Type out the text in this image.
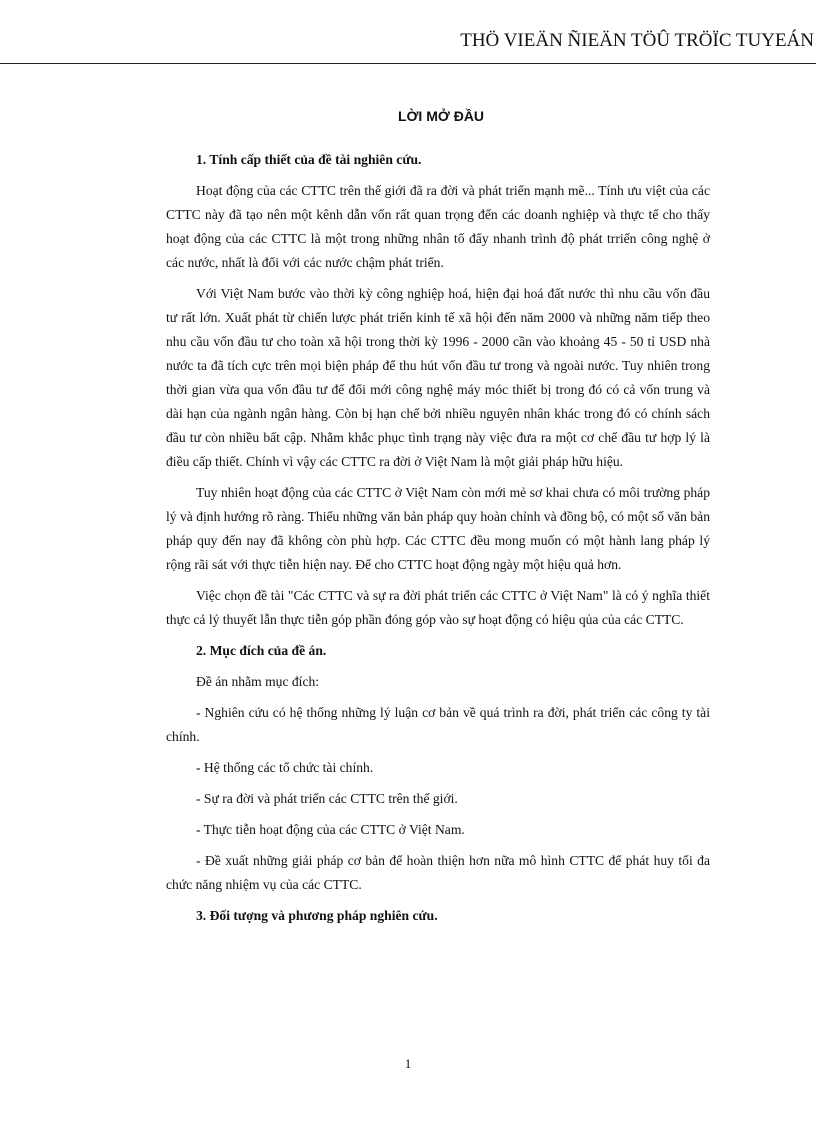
THÖ VIEÄN ÑIEÄN TÖÛ TRÖÏC TUYEÁN
LỜI MỞ ĐẦU
1. Tính cấp thiết của đề tài nghiên cứu.

Hoạt động của các CTTC trên thế giới đã ra đời và phát triển mạnh mẽ... Tính ưu việt của các CTTC này đã tạo nên một kênh dẫn vốn rất quan trọng đến các doanh nghiệp và thực tế cho thấy hoạt động của các CTTC là một trong những nhân tố đẩy nhanh trình độ phát trriển công nghệ ở các nước, nhất là đối với các nước chậm phát triển.

Với Việt Nam bước vào thời kỳ công nghiệp hoá, hiện đại hoá đất nước thì nhu cầu vốn đầu tư rất lớn. Xuất phát từ chiến lược phát triển kinh tế xã hội đến năm 2000 và những năm tiếp theo nhu cầu vốn đầu tư cho toàn xã hội trong thời kỳ 1996 - 2000 cần vào khoảng 45 - 50 tỉ USD nhà nước ta đã tích cực trên mọi biện pháp để thu hút vốn đầu tư trong và ngoài nước. Tuy nhiên trong thời gian vừa qua vốn đầu tư để đổi mới công nghệ máy móc thiết bị trong đó có cả vốn trung và dài hạn của ngành ngân hàng. Còn bị hạn chế bởi nhiều nguyên nhân khác trong đó có chính sách đầu tư còn nhiều bất cập. Nhằm khắc phục tình trạng này việc đưa ra một cơ chế đầu tư hợp lý là điều cấp thiết. Chính vì vậy các CTTC ra đời ở Việt Nam là một giải pháp hữu hiệu.

Tuy nhiên hoạt động của các CTTC ở Việt Nam còn mới mẻ sơ khai chưa có môi trường pháp lý và định hướng rõ ràng. Thiếu những văn bản pháp quy hoàn chỉnh và đồng bộ, có một số văn bản pháp quy đến nay đã không còn phù hợp. Các CTTC đều mong muốn có một hành lang pháp lý rộng rãi sát với thực tiễn hiện nay. Để cho CTTC hoạt động ngày một hiệu quả hơn.

Việc chọn đề tài "Các CTTC và sự ra đời phát triển các CTTC ở Việt Nam" là có ý nghĩa thiết thực cả lý thuyết lẫn thực tiễn góp phần đóng góp vào sự hoạt động có hiệu qủa của các CTTC.

2. Mục đích của đề án.

Đề án nhằm mục đích:

- Nghiên cứu có hệ thống những lý luận cơ bản về quá trình ra đời, phát triển các công ty tài chính.

- Hệ thống các tổ chức tài chính.

- Sự ra đời và phát triển các CTTC trên thế giới.

- Thực tiễn hoạt động của các CTTC ở Việt Nam.

- Đề xuất những giải pháp cơ bản để hoàn thiện hơn nữa mô hình CTTC để phát huy tối đa chức năng nhiệm vụ của các CTTC.

3. Đối tượng và phương pháp nghiên cứu.
1
